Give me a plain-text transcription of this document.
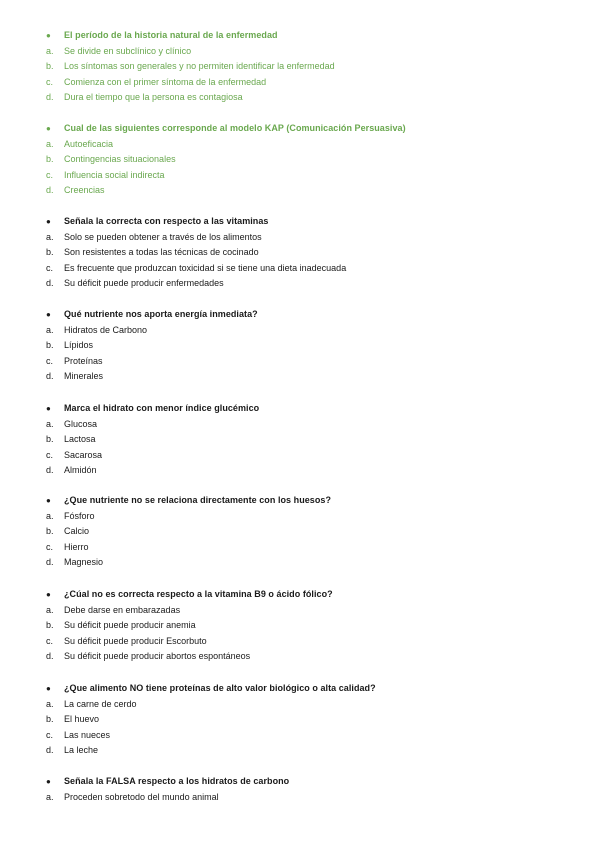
●	El período de la historia natural de la enfermedad
a. Se divide en subclínico y clínico
b. Los síntomas son generales y no permiten identificar la enfermedad
c. Comienza con el primer síntoma de la enfermedad
d. Dura el tiempo que la persona es contagiosa
●	Cual de las siguientes corresponde al modelo KAP (Comunicación Persuasiva)
a. Autoeficacia
b. Contingencias situacionales
c. Influencia social indirecta
d. Creencias
●	Señala la correcta con respecto a las vitaminas
a. Solo se pueden obtener a través de los alimentos
b. Son resistentes a todas las técnicas de cocinado
c. Es frecuente que produzcan toxicidad si se tiene una dieta inadecuada
d. Su déficit puede producir enfermedades
●	Qué nutriente nos aporta energía inmediata?
a. Hidratos de Carbono
b. Lípidos
c. Proteínas
d. Minerales
●	Marca el hidrato con menor índice glucémico
a. Glucosa
b. Lactosa
c. Sacarosa
d. Almidón
●	¿Que nutriente no se relaciona directamente con los huesos?
a. Fósforo
b. Calcio
c. Hierro
d. Magnesio
●	¿Cúal no es correcta respecto a la vitamina B9 o ácido fólico?
a. Debe darse en embarazadas
b. Su déficit puede producir anemia
c. Su déficit puede producir Escorbuto
d. Su déficit puede producir abortos espontáneos
●	¿Que alimento NO tiene proteínas de alto valor biológico o alta calidad?
a. La carne de cerdo
b. El huevo
c. Las nueces
d. La leche
●	Señala la FALSA respecto a los hidratos de carbono
a. Proceden sobretodo del mundo animal
